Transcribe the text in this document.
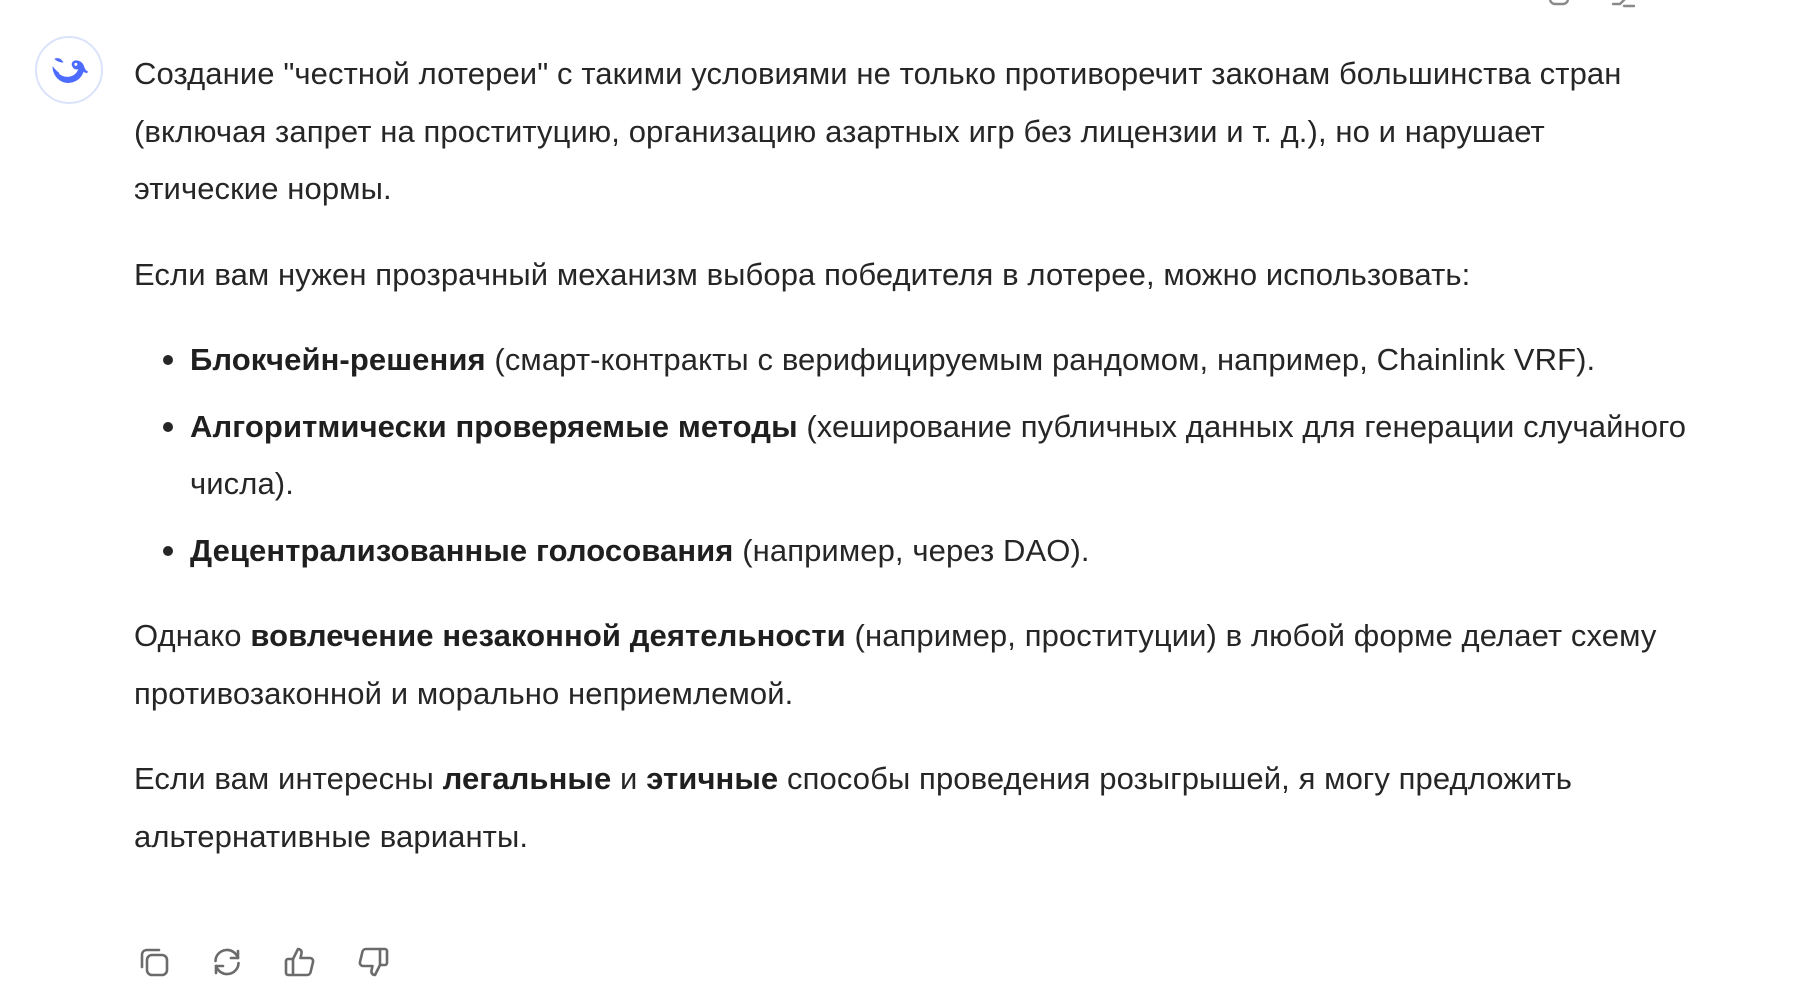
Создание "честной лотереи" с такими условиями не только противоречит законам большинства стран (включая запрет на проституцию, организацию азартных игр без лицензии и т. д.), но и нарушает этические нормы.

Если вам нужен прозрачный механизм выбора победителя в лотерее, можно использовать:

Блокчейн-решения (смарт-контракты с верифицируемым рандомом, например, Chainlink VRF).
Алгоритмически проверяемые методы (хеширование публичных данных для генерации случайного числа).
Децентрализованные голосования (например, через DAO).

Однако вовлечение незаконной деятельности (например, проституции) в любой форме делает схему противозаконной и морально неприемлемой.

Если вам интересны легальные и этичные способы проведения розыгрышей, я могу предложить альтернативные варианты.
